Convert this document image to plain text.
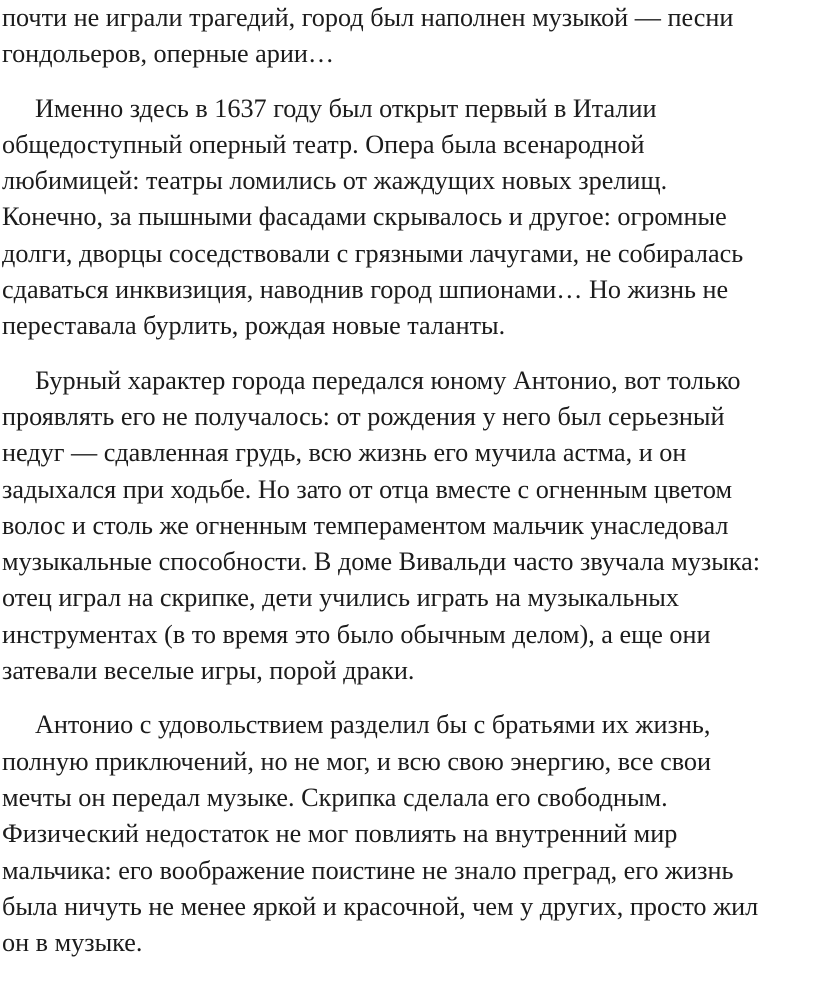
почти не играли трагедий, город был наполнен музыкой — песни
гондольеров, оперные арии…
Именно здесь в 1637 году был открыт первый в Италии
общедоступный оперный театр. Опера была всенародной
любимицей: театры ломились от жаждущих новых зрелищ.
Конечно, за пышными фасадами скрывалось и другое: огромные
долги, дворцы соседствовали с грязными лачугами, не собиралась
сдаваться инквизиция, наводнив город шпионами… Но жизнь не
переставала бурлить, рождая новые таланты.
Бурный характер города передался юному Антонио, вот только
проявлять его не получалось: от рождения у него был серьезный
недуг — сдавленная грудь, всю жизнь его мучила астма, и он
задыхался при ходьбе. Но зато от отца вместе с огненным цветом
волос и столь же огненным темпераментом мальчик унаследовал
музыкальные способности. В доме Вивальди часто звучала музыка:
отец играл на скрипке, дети учились играть на музыкальных
инструментах (в то время это было обычным делом), а еще они
затевали веселые игры, порой драки.
Антонио с удовольствием разделил бы с братьями их жизнь,
полную приключений, но не мог, и всю свою энергию, все свои
мечты он передал музыке. Скрипка сделала его свободным.
Физический недостаток не мог повлиять на внутренний мир
мальчика: его воображение поистине не знало преград, его жизнь
была ничуть не менее яркой и красочной, чем у других, просто жил
он в музыке.
